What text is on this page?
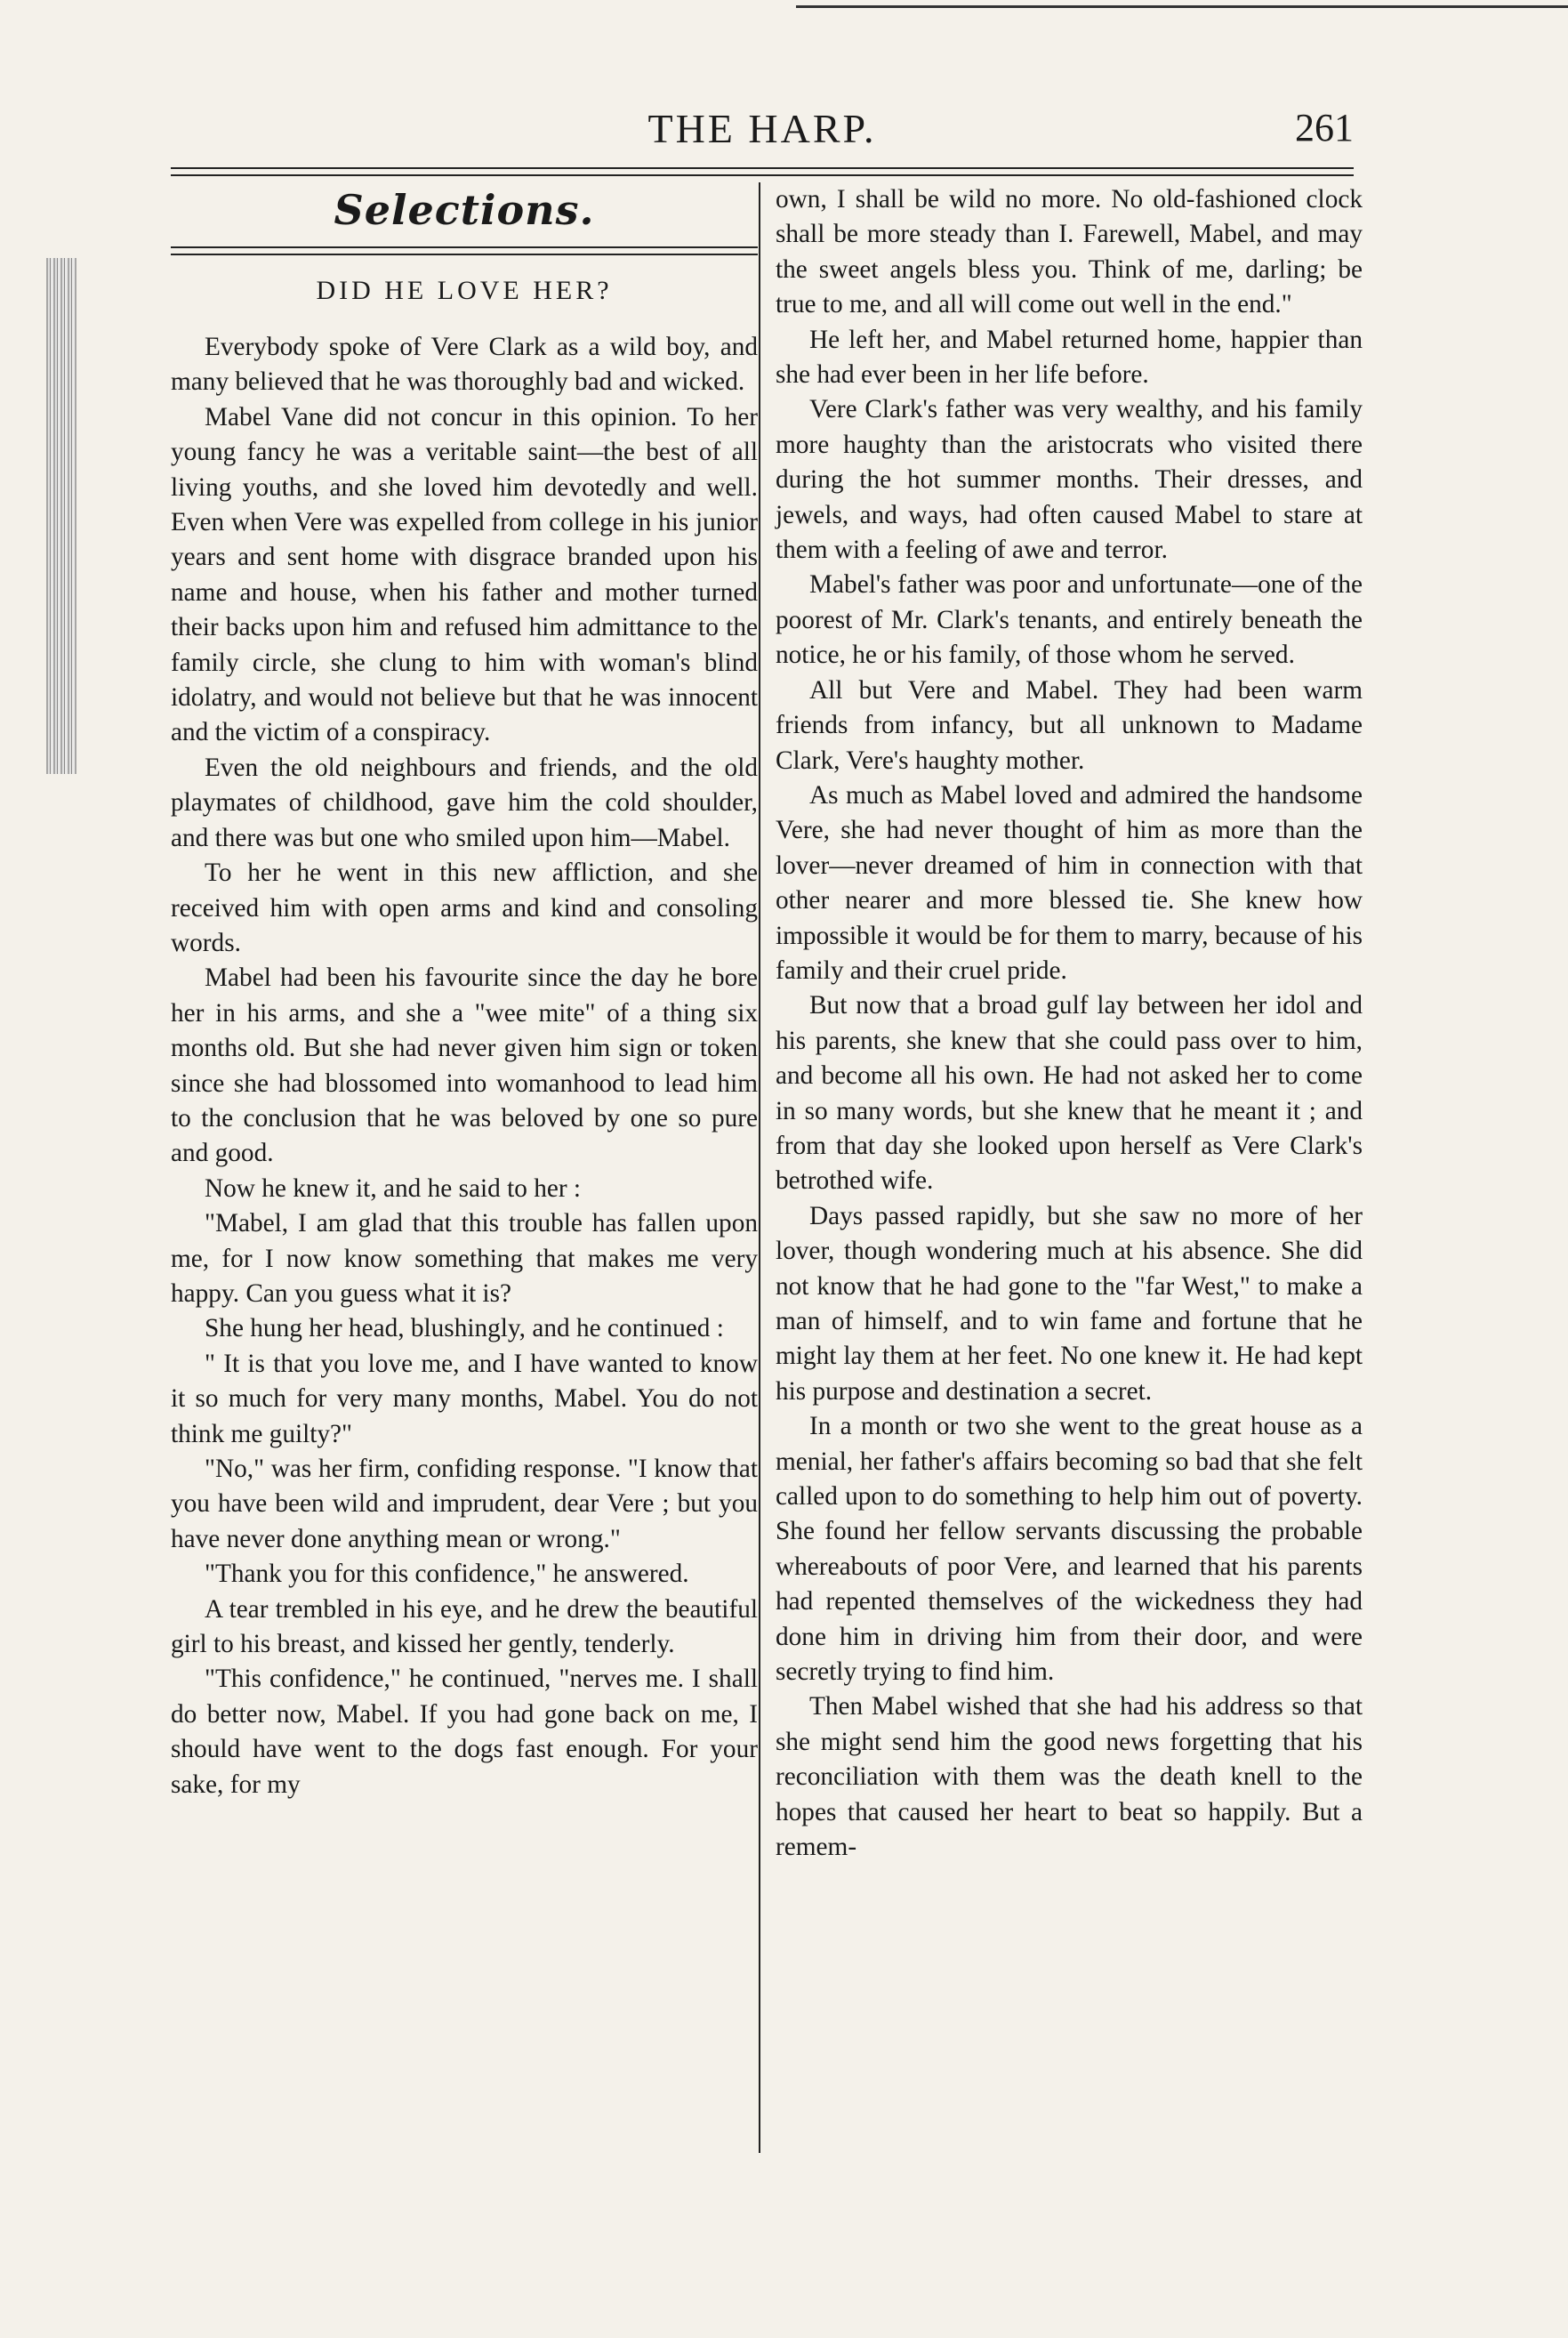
THE HARP.	261
Selections.
DID HE LOVE HER?

Everybody spoke of Vere Clark as a wild boy, and many believed that he was thoroughly bad and wicked.

Mabel Vane did not concur in this opinion. To her young fancy he was a veritable saint—the best of all living youths, and she loved him devotedly and well. Even when Vere was expelled from college in his junior years and sent home with disgrace branded upon his name and house, when his father and mother turned their backs upon him and refused him admittance to the family circle, she clung to him with woman's blind idolatry, and would not believe but that he was innocent and the victim of a conspiracy.

Even the old neighbours and friends, and the old playmates of childhood, gave him the cold shoulder, and there was but one who smiled upon him—Mabel.

To her he went in this new affliction, and she received him with open arms and kind and consoling words.

Mabel had been his favourite since the day he bore her in his arms, and she a "wee mite" of a thing six months old. But she had never given him sign or token since she had blossomed into womanhood to lead him to the conclusion that he was beloved by one so pure and good.

Now he knew it, and he said to her :

"Mabel, I am glad that this trouble has fallen upon me, for I now know something that makes me very happy. Can you guess what it is?

She hung her head, blushingly, and he continued :

" It is that you love me, and I have wanted to know it so much for very many months, Mabel. You do not think me guilty?"

"No," was her firm, confiding response. "I know that you have been wild and imprudent, dear Vere ; but you have never done anything mean or wrong."

"Thank you for this confidence," he answered.

A tear trembled in his eye, and he drew the beautiful girl to his breast, and kissed her gently, tenderly.

"This confidence," he continued, "nerves me. I shall do better now, Mabel. If you had gone back on me, I should have went to the dogs fast enough. For your sake, for my

own, I shall be wild no more. No old-fashioned clock shall be more steady than I. Farewell, Mabel, and may the sweet angels bless you. Think of me, darling; be true to me, and all will come out well in the end."

He left her, and Mabel returned home, happier than she had ever been in her life before.

Vere Clark's father was very wealthy, and his family more haughty than the aristocrats who visited there during the hot summer months. Their dresses, and jewels, and ways, had often caused Mabel to stare at them with a feeling of awe and terror.

Mabel's father was poor and unfortunate—one of the poorest of Mr. Clark's tenants, and entirely beneath the notice, he or his family, of those whom he served.

All but Vere and Mabel. They had been warm friends from infancy, but all unknown to Madame Clark, Vere's haughty mother.

As much as Mabel loved and admired the handsome Vere, she had never thought of him as more than the lover—never dreamed of him in connection with that other nearer and more blessed tie. She knew how impossible it would be for them to marry, because of his family and their cruel pride.

But now that a broad gulf lay between her idol and his parents, she knew that she could pass over to him, and become all his own. He had not asked her to come in so many words, but she knew that he meant it ; and from that day she looked upon herself as Vere Clark's betrothed wife.

Days passed rapidly, but she saw no more of her lover, though wondering much at his absence. She did not know that he had gone to the "far West," to make a man of himself, and to win fame and fortune that he might lay them at her feet. No one knew it. He had kept his purpose and destination a secret.

In a month or two she went to the great house as a menial, her father's affairs becoming so bad that she felt called upon to do something to help him out of poverty. She found her fellow servants discussing the probable whereabouts of poor Vere, and learned that his parents had repented themselves of the wickedness they had done him in driving him from their door, and were secretly trying to find him.

Then Mabel wished that she had his address so that she might send him the good news forgetting that his reconciliation with them was the death knell to the hopes that caused her heart to beat so happily. But a remem-
